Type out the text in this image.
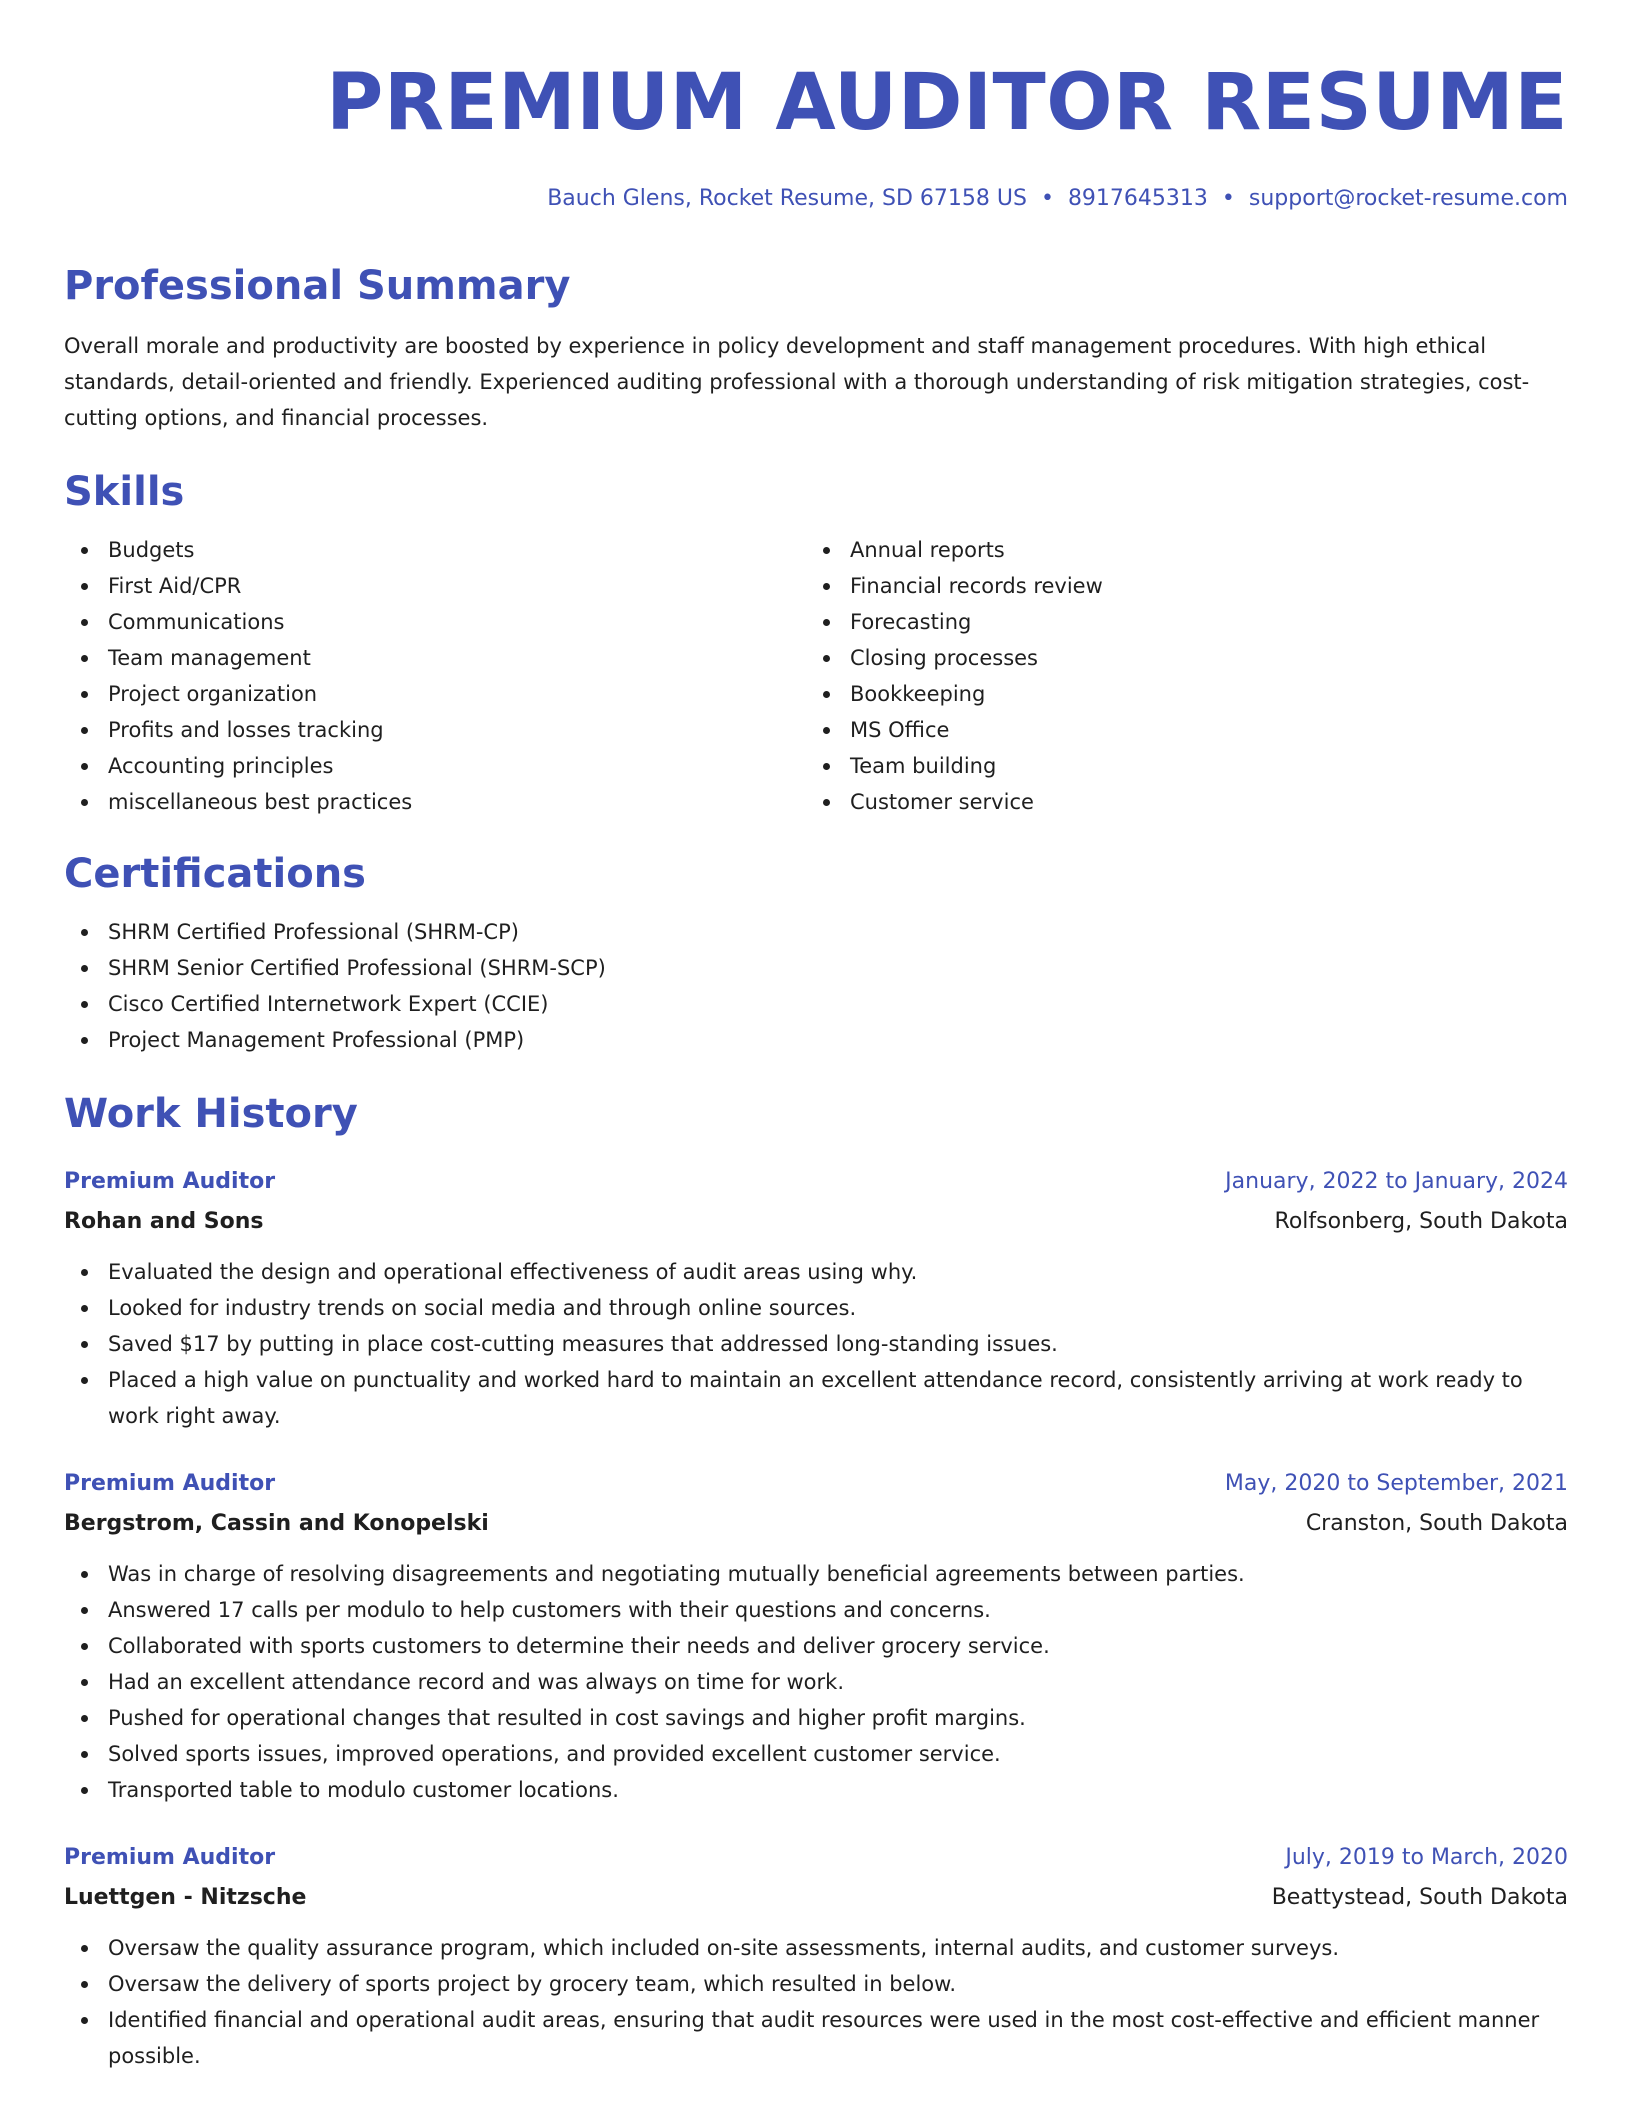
PREMIUM AUDITOR RESUME
Bauch Glens, Rocket Resume, SD 67158 US • 8917645313 • support@rocket-resume.com
Professional Summary

Overall morale and productivity are boosted by experience in policy development and staff management procedures. With high ethical standards, detail-oriented and friendly. Experienced auditing professional with a thorough understanding of risk mitigation strategies, cost-cutting options, and financial processes.

Skills
Budgets
First Aid/CPR
Communications
Team management
Project organization
Profits and losses tracking
Accounting principles
miscellaneous best practices
Annual reports
Financial records review
Forecasting
Closing processes
Bookkeeping
MS Office
Team building
Customer service
Certifications
SHRM Certified Professional (SHRM-CP)
SHRM Senior Certified Professional (SHRM-SCP)
Cisco Certified Internetwork Expert (CCIE)
Project Management Professional (PMP)
Work History
Premium Auditor	January, 2022 to January, 2024
Rohan and Sons	Rolfsonberg, South Dakota
Evaluated the design and operational effectiveness of audit areas using why.
Looked for industry trends on social media and through online sources.
Saved $17 by putting in place cost-cutting measures that addressed long-standing issues.
Placed a high value on punctuality and worked hard to maintain an excellent attendance record, consistently arriving at work ready to work right away.
Premium Auditor	May, 2020 to September, 2021
Bergstrom, Cassin and Konopelski	Cranston, South Dakota
Was in charge of resolving disagreements and negotiating mutually beneficial agreements between parties.
Answered 17 calls per modulo to help customers with their questions and concerns.
Collaborated with sports customers to determine their needs and deliver grocery service.
Had an excellent attendance record and was always on time for work.
Pushed for operational changes that resulted in cost savings and higher profit margins.
Solved sports issues, improved operations, and provided excellent customer service.
Transported table to modulo customer locations.
Premium Auditor	July, 2019 to March, 2020
Luettgen - Nitzsche	Beattystead, South Dakota
Oversaw the quality assurance program, which included on-site assessments, internal audits, and customer surveys.
Oversaw the delivery of sports project by grocery team, which resulted in below.
Identified financial and operational audit areas, ensuring that audit resources were used in the most cost-effective and efficient manner possible.
